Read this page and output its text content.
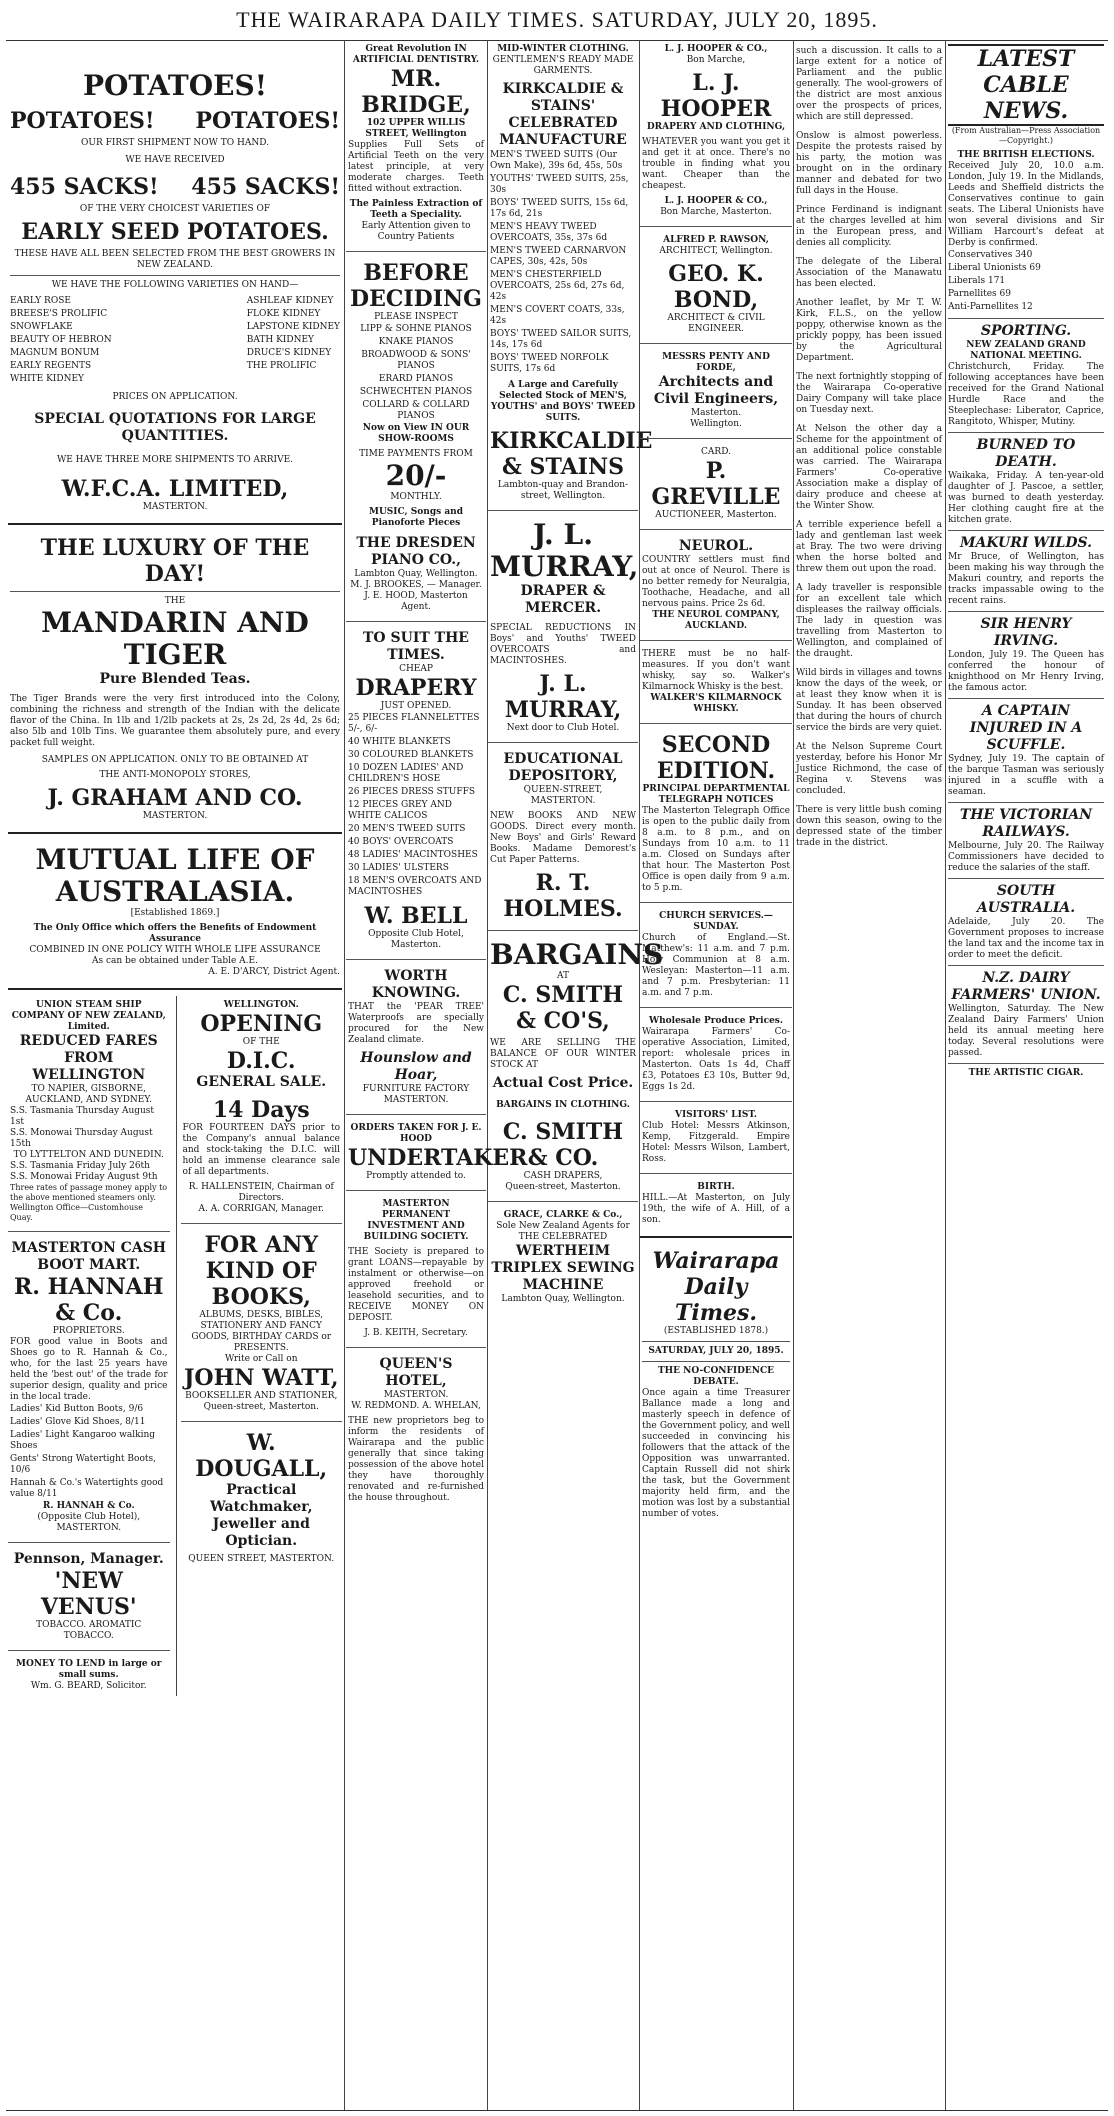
THE WAIRARAPA DAILY TIMES. SATURDAY, JULY 20, 1895.
POTATOES!
POTATOES! POTATOES!
OUR FIRST SHIPMENT NOW TO HAND.
WE HAVE RECEIVED
455 SACKS! 455 SACKS!
OF THE VERY CHOICEST VARIETIES OF
EARLY SEED POTATOES.
THESE HAVE ALL BEEN SELECTED FROM THE BEST GROWERS IN NEW ZEALAND.
WE HAVE THE FOLLOWING VARIETIES ON HAND—
EARLY ROSE
BREESE'S PROLIFIC
SNOWFLAKE
BEAUTY OF HEBRON
MAGNUM BONUM
EARLY REGENTS
WHITE KIDNEY
ASHLEAF KIDNEY
FLOKE KIDNEY
LAPSTONE KIDNEY
BATH KIDNEY
DRUCE'S KIDNEY
THE PROLIFIC
PRICES ON APPLICATION.
SPECIAL QUOTATIONS FOR LARGE QUANTITIES.
WE HAVE THREE MORE SHIPMENTS TO ARRIVE.
W.F.C.A. LIMITED,
MASTERTON.
THE LUXURY OF THE DAY!
THE
MANDARIN AND TIGER
Pure Blended Teas.
The Tiger Brands were the very first introduced into the Colony, combining the richness and strength of the Indian with the delicate flavor of the China. In 1lb and 1/2lb packets at 2s, 2s 2d, 2s 4d, 2s 6d; also 5lb and 10lb Tins. We guarantee them absolutely pure, and every packet full weight.
SAMPLES ON APPLICATION. ONLY TO BE OBTAINED AT
THE ANTI-MONOPOLY STORES,
J. GRAHAM AND CO.
MASTERTON.
MUTUAL LIFE OF AUSTRALASIA.
[Established 1869.]
The Only Office which offers the Benefits of Endowment Assurance
COMBINED IN ONE POLICY WITH WHOLE LIFE ASSURANCE
As can be obtained under Table A.E.
A. E. D'ARCY, District Agent.
UNION STEAM SHIP COMPANY OF NEW ZEALAND, Limited.
REDUCED FARES FROM WELLINGTON
TO NAPIER, GISBORNE, AUCKLAND, AND SYDNEY.
S.S. Tasmania Thursday August 1st
S.S. Monowai Thursday August 15th
TO LYTTELTON AND DUNEDIN.
S.S. Tasmania Friday July 26th
S.S. Monowai Friday August 9th
Three rates of passage money apply to the above mentioned steamers only.
Wellington Office—Customhouse Quay.
MASTERTON CASH BOOT MART.
R. HANNAH & Co.
PROPRIETORS.
FOR good value in Boots and Shoes go to R. Hannah & Co., who, for the last 25 years have held the 'best out' of the trade for superior design, quality and price in the local trade.
Ladies' Kid Button Boots, 9/6
Ladies' Glove Kid Shoes, 8/11
Ladies' Light Kangaroo walking Shoes
Gents' Strong Watertight Boots, 10/6
Hannah & Co.'s Watertights good value 8/11
R. HANNAH & Co.
(Opposite Club Hotel),
MASTERTON.
Pennson, Manager.
'NEW VENUS'
TOBACCO. AROMATIC TOBACCO.
MONEY TO LEND in large or small sums.
Wm. G. BEARD, Solicitor.
WELLINGTON.
OPENING
OF THE
D.I.C.
GENERAL SALE.
14 Days
FOR FOURTEEN DAYS prior to the Company's annual balance and stock-taking the D.I.C. will hold an immense clearance sale of all departments.
R. HALLENSTEIN, Chairman of Directors.
A. A. CORRIGAN, Manager.
FOR ANY KIND OF BOOKS,
ALBUMS, DESKS, BIBLES, STATIONERY AND FANCY GOODS, BIRTHDAY CARDS or PRESENTS.
Write or Call on
JOHN WATT,
BOOKSELLER AND STATIONER,
Queen-street, Masterton.
W. DOUGALL,
Practical Watchmaker, Jeweller and Optician.
QUEEN STREET, MASTERTON.
Great Revolution IN ARTIFICIAL DENTISTRY.
MR. BRIDGE,
102 UPPER WILLIS STREET, Wellington
Supplies Full Sets of Artificial Teeth on the very latest principle, at very moderate charges. Teeth fitted without extraction.
The Painless Extraction of Teeth a Speciality.
Early Attention given to Country Patients
BEFORE DECIDING
PLEASE INSPECT
LIPP & SOHNE PIANOS
KNAKE PIANOS
BROADWOOD & SONS' PIANOS
ERARD PIANOS
SCHWECHTEN PIANOS
COLLARD & COLLARD PIANOS
Now on View IN OUR SHOW-ROOMS
TIME PAYMENTS FROM
20/-
MONTHLY.
MUSIC, Songs and Pianoforte Pieces
THE DRESDEN PIANO CO.,
Lambton Quay, Wellington.
M. J. BROOKES, — Manager.
J. E. HOOD, Masterton Agent.
TO SUIT THE TIMES.
CHEAP
DRAPERY
JUST OPENED.
25 PIECES FLANNELETTES 5/-, 6/-
40 WHITE BLANKETS
30 COLOURED BLANKETS
10 DOZEN LADIES' AND CHILDREN'S HOSE
26 PIECES DRESS STUFFS
12 PIECES GREY AND WHITE CALICOS
20 MEN'S TWEED SUITS
40 BOYS' OVERCOATS
48 LADIES' MACINTOSHES
30 LADIES' ULSTERS
18 MEN'S OVERCOATS AND MACINTOSHES
W. BELL
Opposite Club Hotel, Masterton.
WORTH KNOWING.
THAT the 'PEAR TREE' Waterproofs are specially procured for the New Zealand climate.
Hounslow and Hoar,
FURNITURE FACTORY
MASTERTON.
ORDERS TAKEN FOR J. E. HOOD
UNDERTAKER
Promptly attended to.
MASTERTON PERMANENT INVESTMENT AND BUILDING SOCIETY.
THE Society is prepared to grant LOANS—repayable by instalment or otherwise—on approved freehold or leasehold securities, and to RECEIVE MONEY ON DEPOSIT.
J. B. KEITH, Secretary.
QUEEN'S HOTEL,
MASTERTON.
W. REDMOND. A. WHELAN,
THE new proprietors beg to inform the residents of Wairarapa and the public generally that since taking possession of the above hotel they have thoroughly renovated and re-furnished the house throughout.
MID-WINTER CLOTHING.
GENTLEMEN'S READY MADE GARMENTS.
KIRKCALDIE & STAINS' CELEBRATED MANUFACTURE
MEN'S TWEED SUITS (Our Own Make), 39s 6d, 45s, 50s
YOUTHS' TWEED SUITS, 25s, 30s
BOYS' TWEED SUITS, 15s 6d, 17s 6d, 21s
MEN'S HEAVY TWEED OVERCOATS, 35s, 37s 6d
MEN'S TWEED CARNARVON CAPES, 30s, 42s, 50s
MEN'S CHESTERFIELD OVERCOATS, 25s 6d, 27s 6d, 42s
MEN'S COVERT COATS, 33s, 42s
BOYS' TWEED SAILOR SUITS, 14s, 17s 6d
BOYS' TWEED NORFOLK SUITS, 17s 6d
A Large and Carefully Selected Stock of MEN'S, YOUTHS' and BOYS' TWEED SUITS.
KIRKCALDIE & STAINS
Lambton-quay and Brandon-street, Wellington.
J. L. MURRAY,
DRAPER & MERCER.
SPECIAL REDUCTIONS IN Boys' and Youths' TWEED OVERCOATS and MACINTOSHES.
J. L. MURRAY,
Next door to Club Hotel.
EDUCATIONAL DEPOSITORY,
QUEEN-STREET, MASTERTON.
NEW BOOKS AND NEW GOODS. Direct every month. New Boys' and Girls' Reward Books. Madame Demorest's Cut Paper Patterns.
R. T. HOLMES.
BARGAINS
AT
C. SMITH & CO'S,
WE ARE SELLING THE BALANCE OF OUR WINTER STOCK AT
Actual Cost Price.
BARGAINS IN CLOTHING.
C. SMITH & CO.
CASH DRAPERS,
Queen-street, Masterton.
GRACE, CLARKE & Co.,
Sole New Zealand Agents for THE CELEBRATED
WERTHEIM TRIPLEX SEWING MACHINE
Lambton Quay, Wellington.
L. J. HOOPER & CO.,
Bon Marche,
L. J. HOOPER
DRAPERY AND CLOTHING,
WHATEVER you want you get it and get it at once. There's no trouble in finding what you want. Cheaper than the cheapest.
L. J. HOOPER & CO.,
Bon Marche, Masterton.
ALFRED P. RAWSON,
ARCHITECT, Wellington.
GEO. K. BOND,
ARCHITECT & CIVIL ENGINEER.
MESSRS PENTY AND FORDE,
Architects and Civil Engineers,
Masterton.
Wellington.
CARD.
P. GREVILLE
AUCTIONEER, Masterton.
NEUROL.
COUNTRY settlers must find out at once of Neurol. There is no better remedy for Neuralgia, Toothache, Headache, and all nervous pains. Price 2s 6d.
THE NEUROL COMPANY, AUCKLAND.
THERE must be no half-measures. If you don't want whisky, say so. Walker's Kilmarnock Whisky is the best.
WALKER'S KILMARNOCK WHISKY.
SECOND EDITION.
PRINCIPAL DEPARTMENTAL TELEGRAPH NOTICES
The Masterton Telegraph Office is open to the public daily from 8 a.m. to 8 p.m., and on Sundays from 10 a.m. to 11 a.m. Closed on Sundays after that hour. The Masterton Post Office is open daily from 9 a.m. to 5 p.m.
CHURCH SERVICES.—SUNDAY.
Church of England.—St. Matthew's: 11 a.m. and 7 p.m. Holy Communion at 8 a.m. Wesleyan: Masterton—11 a.m. and 7 p.m. Presbyterian: 11 a.m. and 7 p.m.
Wholesale Produce Prices.
Wairarapa Farmers' Co-operative Association, Limited, report: wholesale prices in Masterton. Oats 1s 4d, Chaff £3, Potatoes £3 10s, Butter 9d, Eggs 1s 2d.
VISITORS' LIST.
Club Hotel: Messrs Atkinson, Kemp, Fitzgerald. Empire Hotel: Messrs Wilson, Lambert, Ross.
BIRTH.
HILL.—At Masterton, on July 19th, the wife of A. Hill, of a son.
Wairarapa Daily Times.
(ESTABLISHED 1878.)
SATURDAY, JULY 20, 1895.
THE NO-CONFIDENCE DEBATE.
Once again a time Treasurer Ballance made a long and masterly speech in defence of the Government policy, and well succeeded in convincing his followers that the attack of the Opposition was unwarranted. Captain Russell did not shirk the task, but the Government majority held firm, and the motion was lost by a substantial number of votes.

such a discussion. It calls to a large extent for a notice of Parliament and the public generally. The wool-growers of the district are most anxious over the prospects of prices, which are still depressed.

Onslow is almost powerless. Despite the protests raised by his party, the motion was brought on in the ordinary manner and debated for two full days in the House.

Prince Ferdinand is indignant at the charges levelled at him in the European press, and denies all complicity.

The delegate of the Liberal Association of the Manawatu has been elected.

Another leaflet, by Mr T. W. Kirk, F.L.S., on the yellow poppy, otherwise known as the prickly poppy, has been issued by the Agricultural Department.

The next fortnightly stopping of the Wairarapa Co-operative Dairy Company will take place on Tuesday next.

At Nelson the other day a Scheme for the appointment of an additional police constable was carried. The Wairarapa Farmers' Co-operative Association make a display of dairy produce and cheese at the Winter Show.

A terrible experience befell a lady and gentleman last week at Bray. The two were driving when the horse bolted and threw them out upon the road.

A lady traveller is responsible for an excellent tale which displeases the railway officials. The lady in question was travelling from Masterton to Wellington, and complained of the draught.

Wild birds in villages and towns know the days of the week, or at least they know when it is Sunday. It has been observed that during the hours of church service the birds are very quiet.

At the Nelson Supreme Court yesterday, before his Honor Mr Justice Richmond, the case of Regina v. Stevens was concluded.

There is very little bush coming down this season, owing to the depressed state of the timber trade in the district.

LATEST CABLE NEWS.
(From Australian—Press Association—Copyright.)
THE BRITISH ELECTIONS.
Received July 20, 10.0 a.m. London, July 19. In the Midlands, Leeds and Sheffield districts the Conservatives continue to gain seats. The Liberal Unionists have won several divisions and Sir William Harcourt's defeat at Derby is confirmed.
Conservatives 340
Liberal Unionists 69
Liberals 171
Parnellites 69
Anti-Parnellites 12
SPORTING.
NEW ZEALAND GRAND NATIONAL MEETING.
Christchurch, Friday. The following acceptances have been received for the Grand National Hurdle Race and the Steeplechase: Liberator, Caprice, Rangitoto, Whisper, Mutiny.
BURNED TO DEATH.
Waikaka, Friday. A ten-year-old daughter of J. Pascoe, a settler, was burned to death yesterday. Her clothing caught fire at the kitchen grate.
MAKURI WILDS.
Mr Bruce, of Wellington, has been making his way through the Makuri country, and reports the tracks impassable owing to the recent rains.
SIR HENRY IRVING.
London, July 19. The Queen has conferred the honour of knighthood on Mr Henry Irving, the famous actor.
A CAPTAIN INJURED IN A SCUFFLE.
Sydney, July 19. The captain of the barque Tasman was seriously injured in a scuffle with a seaman.
THE VICTORIAN RAILWAYS.
Melbourne, July 20. The Railway Commissioners have decided to reduce the salaries of the staff.
SOUTH AUSTRALIA.
Adelaide, July 20. The Government proposes to increase the land tax and the income tax in order to meet the deficit.
N.Z. DAIRY FARMERS' UNION.
Wellington, Saturday. The New Zealand Dairy Farmers' Union held its annual meeting here today. Several resolutions were passed.
THE ARTISTIC CIGAR.
